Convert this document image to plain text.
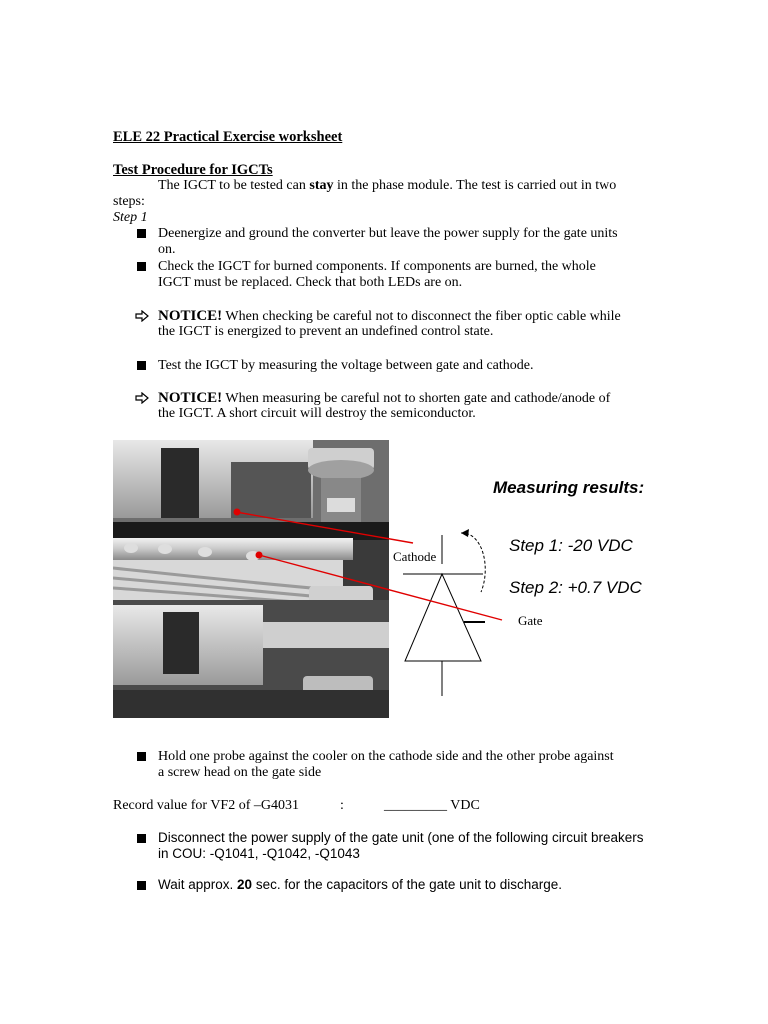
ELE 22 Practical Exercise worksheet
Test Procedure for IGCTs
The IGCT to be tested can stay in the phase module. The test is carried out in two
steps:
Step 1
Deenergize and ground the converter but leave the power supply for the gate units
on.
Check the IGCT for burned components. If components are burned, the whole
IGCT must be replaced. Check that both LEDs are on.
NOTICE! When checking be careful not to disconnect the fiber optic cable while
the IGCT is energized to prevent an undefined control state.
Test the IGCT by measuring the voltage between gate and cathode.
NOTICE! When measuring be careful not to shorten gate and cathode/anode of
the IGCT. A short circuit will destroy the semiconductor.
Measuring results:
Step 1: -20 VDC
Step 2: +0.7 VDC
Cathode
Gate
Hold one probe against the cooler on the cathode side and the other probe against
a screw head on the gate side
Record value for VF2 of –G4031	:	_________ VDC
Disconnect the power supply of the gate unit (one of the following circuit breakers
in COU: -Q1041, -Q1042, -Q1043
Wait approx. 20 sec. for the capacitors of the gate unit to discharge.
